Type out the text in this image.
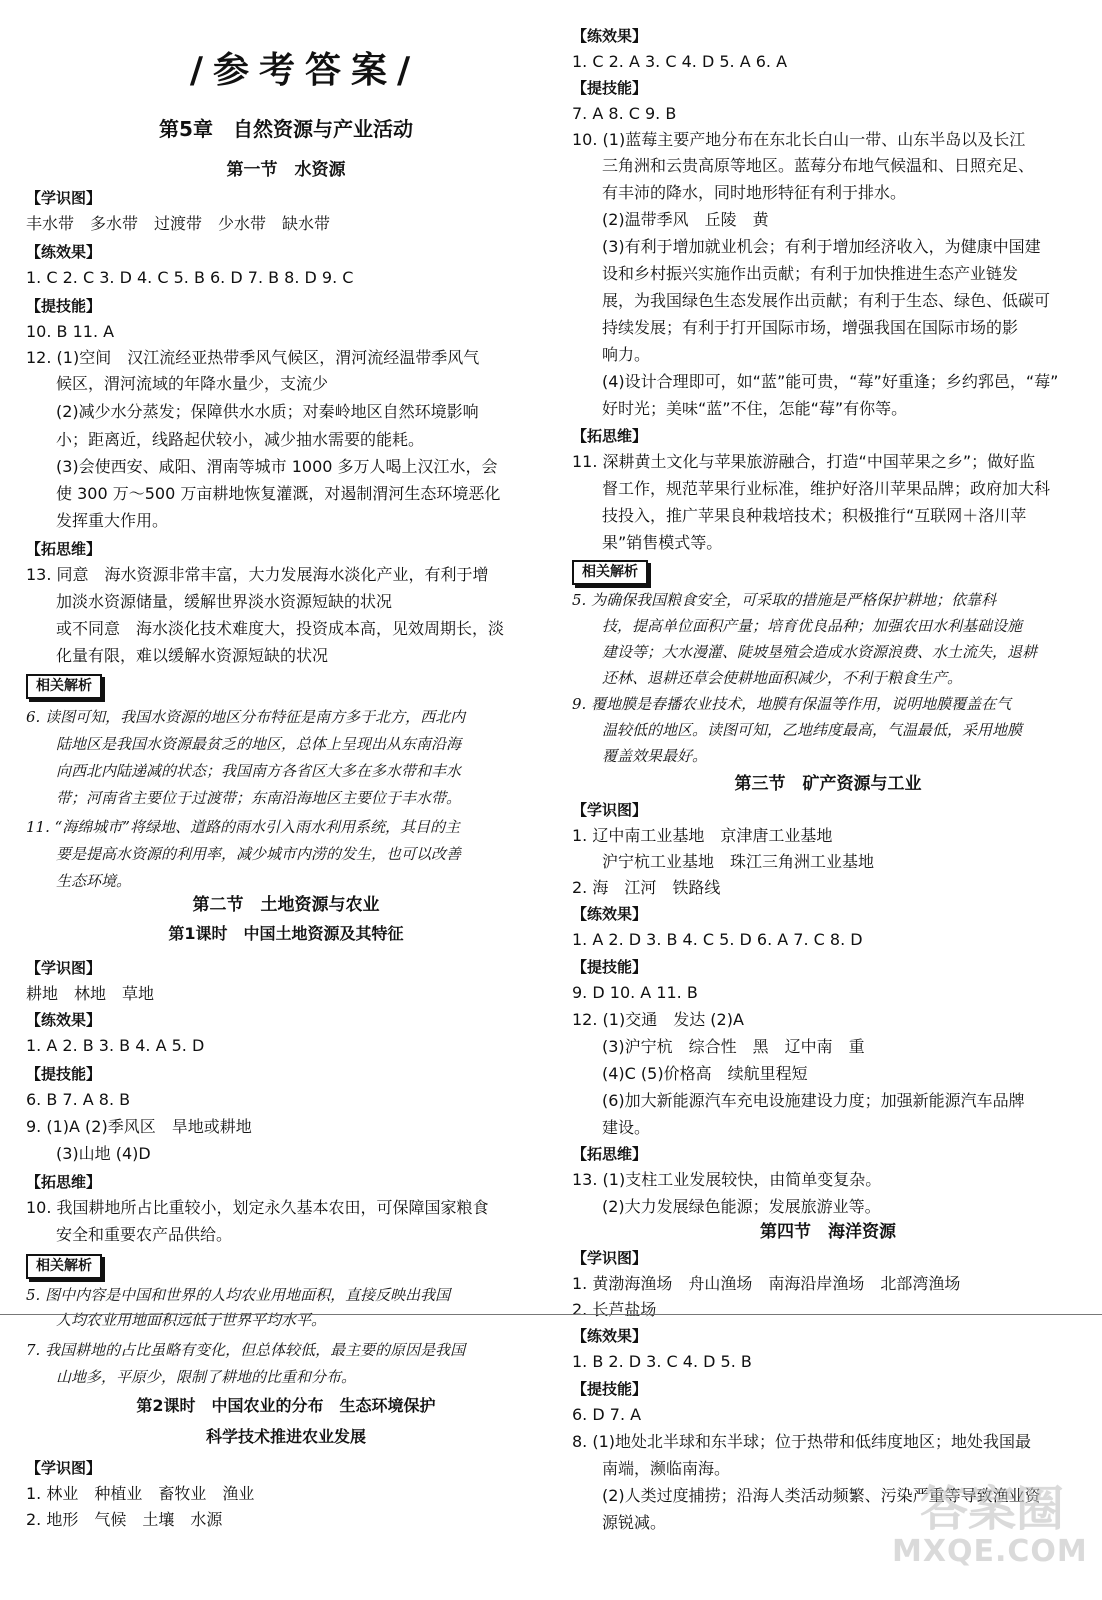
/参考答案/
第5章　自然资源与产业活动
第一节　水资源
【学识图】
丰水带　多水带　过渡带　少水带　缺水带
【练效果】
1. C 2. C 3. D 4. C 5. B 6. D 7. B 8. D 9. C
【提技能】
10. B 11. A
12. (1)空间　汉江流经亚热带季风气候区，渭河流经温带季风气
候区，渭河流域的年降水量少，支流少
(2)减少水分蒸发；保障供水水质；对秦岭地区自然环境影响
小；距离近，线路起伏较小，减少抽水需要的能耗。
(3)会使西安、咸阳、渭南等城市 1000 多万人喝上汉江水，会
使 300 万～500 万亩耕地恢复灌溉，对遏制渭河生态环境恶化
发挥重大作用。
【拓思维】
13. 同意　海水资源非常丰富，大力发展海水淡化产业，有利于增
加淡水资源储量，缓解世界淡水资源短缺的状况
或不同意　海水淡化技术难度大，投资成本高，见效周期长，淡
化量有限，难以缓解水资源短缺的状况
相关解析
6. 读图可知，我国水资源的地区分布特征是南方多于北方，西北内
陆地区是我国水资源最贫乏的地区，总体上呈现出从东南沿海
向西北内陆递减的状态；我国南方各省区大多在多水带和丰水
带；河南省主要位于过渡带；东南沿海地区主要位于丰水带。
11. “海绵城市”将绿地、道路的雨水引入雨水利用系统，其目的主
要是提高水资源的利用率，减少城市内涝的发生，也可以改善
生态环境。
第二节　土地资源与农业
第1课时　中国土地资源及其特征
【学识图】
耕地　林地　草地
【练效果】
1. A 2. B 3. B 4. A 5. D
【提技能】
6. B 7. A 8. B
9. (1)A (2)季风区　旱地或耕地
(3)山地 (4)D
【拓思维】
10. 我国耕地所占比重较小，划定永久基本农田，可保障国家粮食
安全和重要农产品供给。
相关解析
5. 图中内容是中国和世界的人均农业用地面积，直接反映出我国
人均农业用地面积远低于世界平均水平。
7. 我国耕地的占比虽略有变化，但总体较低，最主要的原因是我国
山地多，平原少，限制了耕地的比重和分布。
第2课时　中国农业的分布　生态环境保护
科学技术推进农业发展
【学识图】
1. 林业　种植业　畜牧业　渔业
2. 地形　气候　土壤　水源
【练效果】
1. C 2. A 3. C 4. D 5. A 6. A
【提技能】
7. A 8. C 9. B
10. (1)蓝莓主要产地分布在东北长白山一带、山东半岛以及长江
三角洲和云贵高原等地区。蓝莓分布地气候温和、日照充足、
有丰沛的降水，同时地形特征有利于排水。
(2)温带季风　丘陵　黄
(3)有利于增加就业机会；有利于增加经济收入，为健康中国建
设和乡村振兴实施作出贡献；有利于加快推进生态产业链发
展，为我国绿色生态发展作出贡献；有利于生态、绿色、低碳可
持续发展；有利于打开国际市场，增强我国在国际市场的影
响力。
(4)设计合理即可，如“蓝”能可贵，“莓”好重逢；乡约郛邑，“莓”
好时光；美味“蓝”不住，怎能“莓”有你等。
【拓思维】
11. 深耕黄土文化与苹果旅游融合，打造“中国苹果之乡”；做好监
督工作，规范苹果行业标准，维护好洛川苹果品牌；政府加大科
技投入，推广苹果良种栽培技术；积极推行“互联网＋洛川苹
果”销售模式等。
相关解析
5. 为确保我国粮食安全，可采取的措施是严格保护耕地；依靠科
技，提高单位面积产量；培育优良品种；加强农田水利基础设施
建设等；大水漫灌、陡坡垦殖会造成水资源浪费、水土流失，退耕
还林、退耕还草会使耕地面积减少，不利于粮食生产。
9. 覆地膜是春播农业技术，地膜有保温等作用，说明地膜覆盖在气
温较低的地区。读图可知，乙地纬度最高，气温最低，采用地膜
覆盖效果最好。
第三节　矿产资源与工业
【学识图】
1. 辽中南工业基地　京津唐工业基地
沪宁杭工业基地　珠江三角洲工业基地
2. 海　江河　铁路线
【练效果】
1. A 2. D 3. B 4. C 5. D 6. A 7. C 8. D
【提技能】
9. D 10. A 11. B
12. (1)交通　发达 (2)A
(3)沪宁杭　综合性　黑　辽中南　重
(4)C (5)价格高　续航里程短
(6)加大新能源汽车充电设施建设力度；加强新能源汽车品牌
建设。
【拓思维】
13. (1)支柱工业发展较快，由简单变复杂。
(2)大力发展绿色能源；发展旅游业等。
第四节　海洋资源
【学识图】
1. 黄渤海渔场　舟山渔场　南海沿岸渔场　北部湾渔场
2. 长芦盐场
【练效果】
1. B 2. D 3. C 4. D 5. B
【提技能】
6. D 7. A
8. (1)地处北半球和东半球；位于热带和低纬度地区；地处我国最
南端，濒临南海。
(2)人类过度捕捞；沿海人类活动频繁、污染严重等导致渔业资
源锐减。	答案圈
MXQE.COM
